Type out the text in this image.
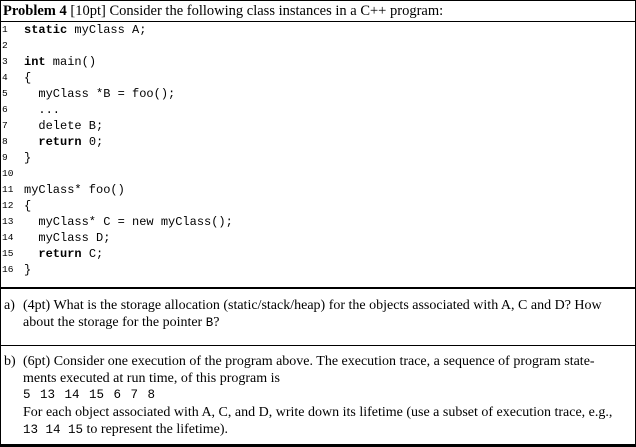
Problem 4 [10pt] Consider the following class instances in a C++ program:
1	static myClass A;
2
3	int main()
4	{
5	myClass *B = foo();
6	...
7	delete B;
8	return 0;
9	}
10
11 myClass* foo()
12 {
13 myClass* C = new myClass();
14 myClass D;
15	return C;
16 }
a) (4pt) What is the storage allocation (static/stack/heap) for the objects associated with A, C and D? How
about the storage for the pointer B?
b) (6pt) Consider one execution of the program above. The execution trace, a sequence of program state-
ments executed at run time, of this program is
5 13 14 15 6 7 8
For each object associated with A, C, and D, write down its lifetime (use a subset of execution trace, e.g.,
13 14 15 to represent the lifetime).
